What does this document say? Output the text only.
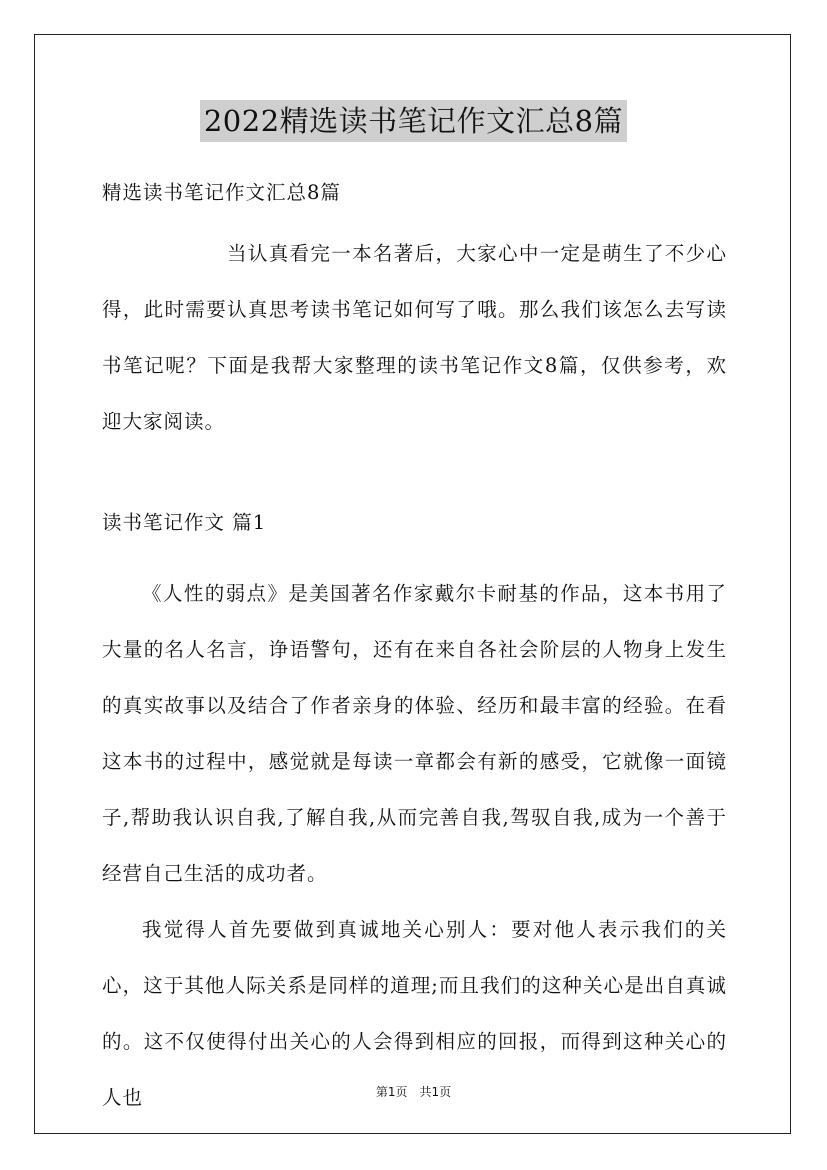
2022精选读书笔记作文汇总8篇

精选读书笔记作文汇总8篇

当认真看完一本名著后，大家心中一定是萌生了不少心得，此时需要认真思考读书笔记如何写了哦。那么我们该怎么去写读书笔记呢？下面是我帮大家整理的读书笔记作文8篇，仅供参考，欢迎大家阅读。

读书笔记作文 篇1

《人性的弱点》是美国著名作家戴尔卡耐基的作品，这本书用了大量的名人名言，诤语警句，还有在来自各社会阶层的人物身上发生的真实故事以及结合了作者亲身的体验、经历和最丰富的经验。在看这本书的过程中，感觉就是每读一章都会有新的感受，它就像一面镜子,帮助我认识自我,了解自我,从而完善自我,驾驭自我,成为一个善于经营自己生活的成功者。

我觉得人首先要做到真诚地关心别人：要对他人表示我们的关心，这于其他人际关系是同样的道理;而且我们的这种关心是出自真诚的。这不仅使得付出关心的人会得到相应的回报，而得到这种关心的人也	第1页　共1页
